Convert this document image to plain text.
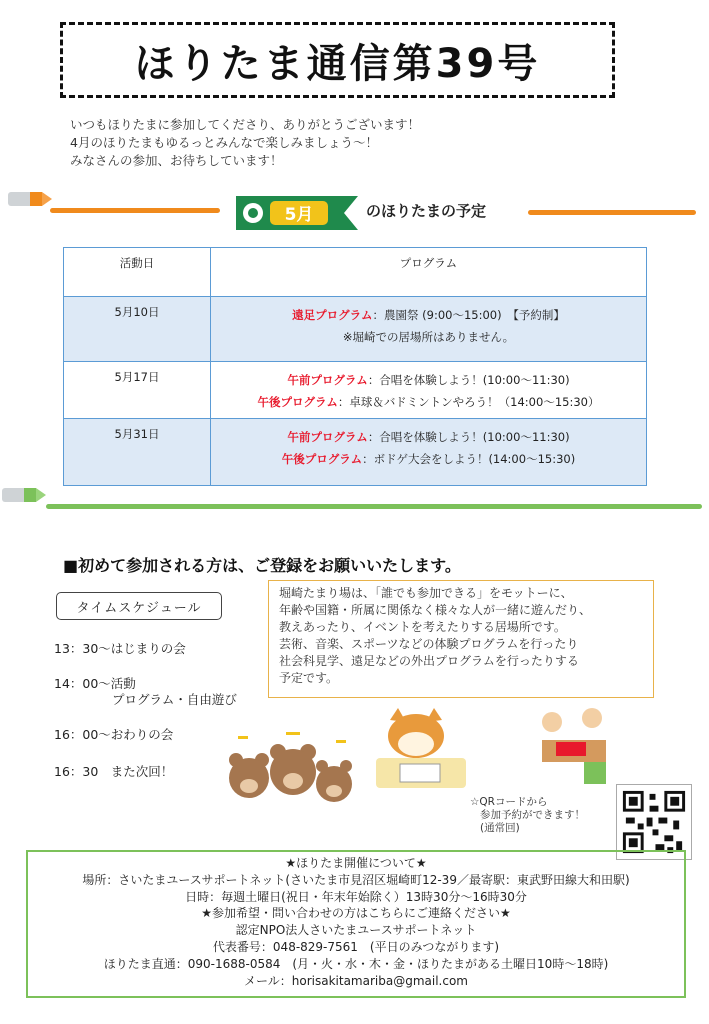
ほりたま通信第39号
いつもほりたまに参加してくださり、ありがとうございます！
4月のほりたまもゆるっとみんなで楽しみましょう～！
みなさんの参加、お待ちしています！
5月	のほりたまの予定
活動日	プログラム
5月10日	遠足プログラム：農園祭 (9:00～15:00)　【予約制】
※堀崎での居場所はありません。

5月17日	午前プログラム：合唱を体験しよう！(10:00～11:30)
午後プログラム：卓球＆バドミントンやろう！（14:00～15:30）

5月31日	午前プログラム：合唱を体験しよう！(10:00～11:30)
午後プログラム：ボドゲ大会をしよう！(14:00～15:30)
■初めて参加される方は、ご登録をお願いいたします。
タイムスケジュール
13：30～はじまりの会
14：00～活動
プログラム・自由遊び
16：00～おわりの会
16：30　また次回！
堀崎たまり場は、「誰でも参加できる」をモットーに、
年齢や国籍・所属に関係なく様々な人が一緒に遊んだり、
教えあったり、イベントを考えたりする居場所です。
芸術、音楽、スポーツなどの体験プログラムを行ったり
社会科見学、遠足などの外出プログラムを行ったりする
予定です。
☆QRコードから
参加予約ができます！
(通常回)
★ほりたま開催について★
場所：さいたまユースサポートネット(さいたま市見沼区堀崎町12-39／最寄駅：東武野田線大和田駅)
日時：毎週土曜日(祝日・年末年始除く）13時30分～16時30分
★参加希望・問い合わせの方はこちらにご連絡ください★
認定NPO法人さいたまユースサポートネット
代表番号：048-829-7561　(平日のみつながります)
ほりたま直通：090-1688-0584　(月・火・水・木・金・ほりたまがある土曜日10時～18時)
メール：horisakitamariba@gmail.com
